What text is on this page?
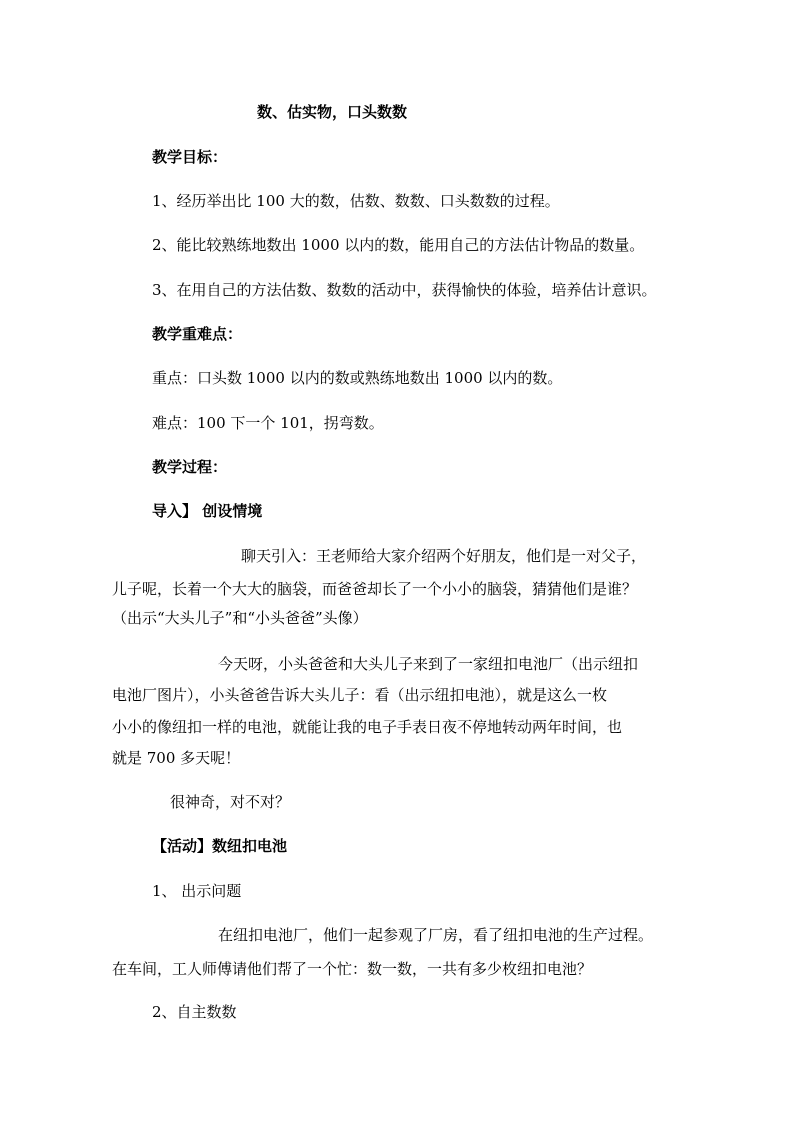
数、估实物，口头数数
教学目标：
1、经历举出比 100 大的数，估数、数数、口头数数的过程。
2、能比较熟练地数出 1000 以内的数，能用自己的方法估计物品的数量。
3、在用自己的方法估数、数数的活动中，获得愉快的体验，培养估计意识。
教学重难点：
重点：口头数 1000 以内的数或熟练地数出 1000 以内的数。
难点：100 下一个 101，拐弯数。
教学过程：
导入】 创设情境
聊天引入：王老师给大家介绍两个好朋友，他们是一对父子，
儿子呢，长着一个大大的脑袋，而爸爸却长了一个小小的脑袋，猜猜他们是谁？
（出示“大头儿子”和“小头爸爸”头像）
今天呀，小头爸爸和大头儿子来到了一家纽扣电池厂（出示纽扣
电池厂图片），小头爸爸告诉大头儿子：看（出示纽扣电池），就是这么一枚
小小的像纽扣一样的电池，就能让我的电子手表日夜不停地转动两年时间，也
就是 700 多天呢！
很神奇，对不对？
【活动】数纽扣电池
1、 出示问题
在纽扣电池厂，他们一起参观了厂房，看了纽扣电池的生产过程。
在车间，工人师傅请他们帮了一个忙：数一数，一共有多少枚纽扣电池？
2、自主数数
